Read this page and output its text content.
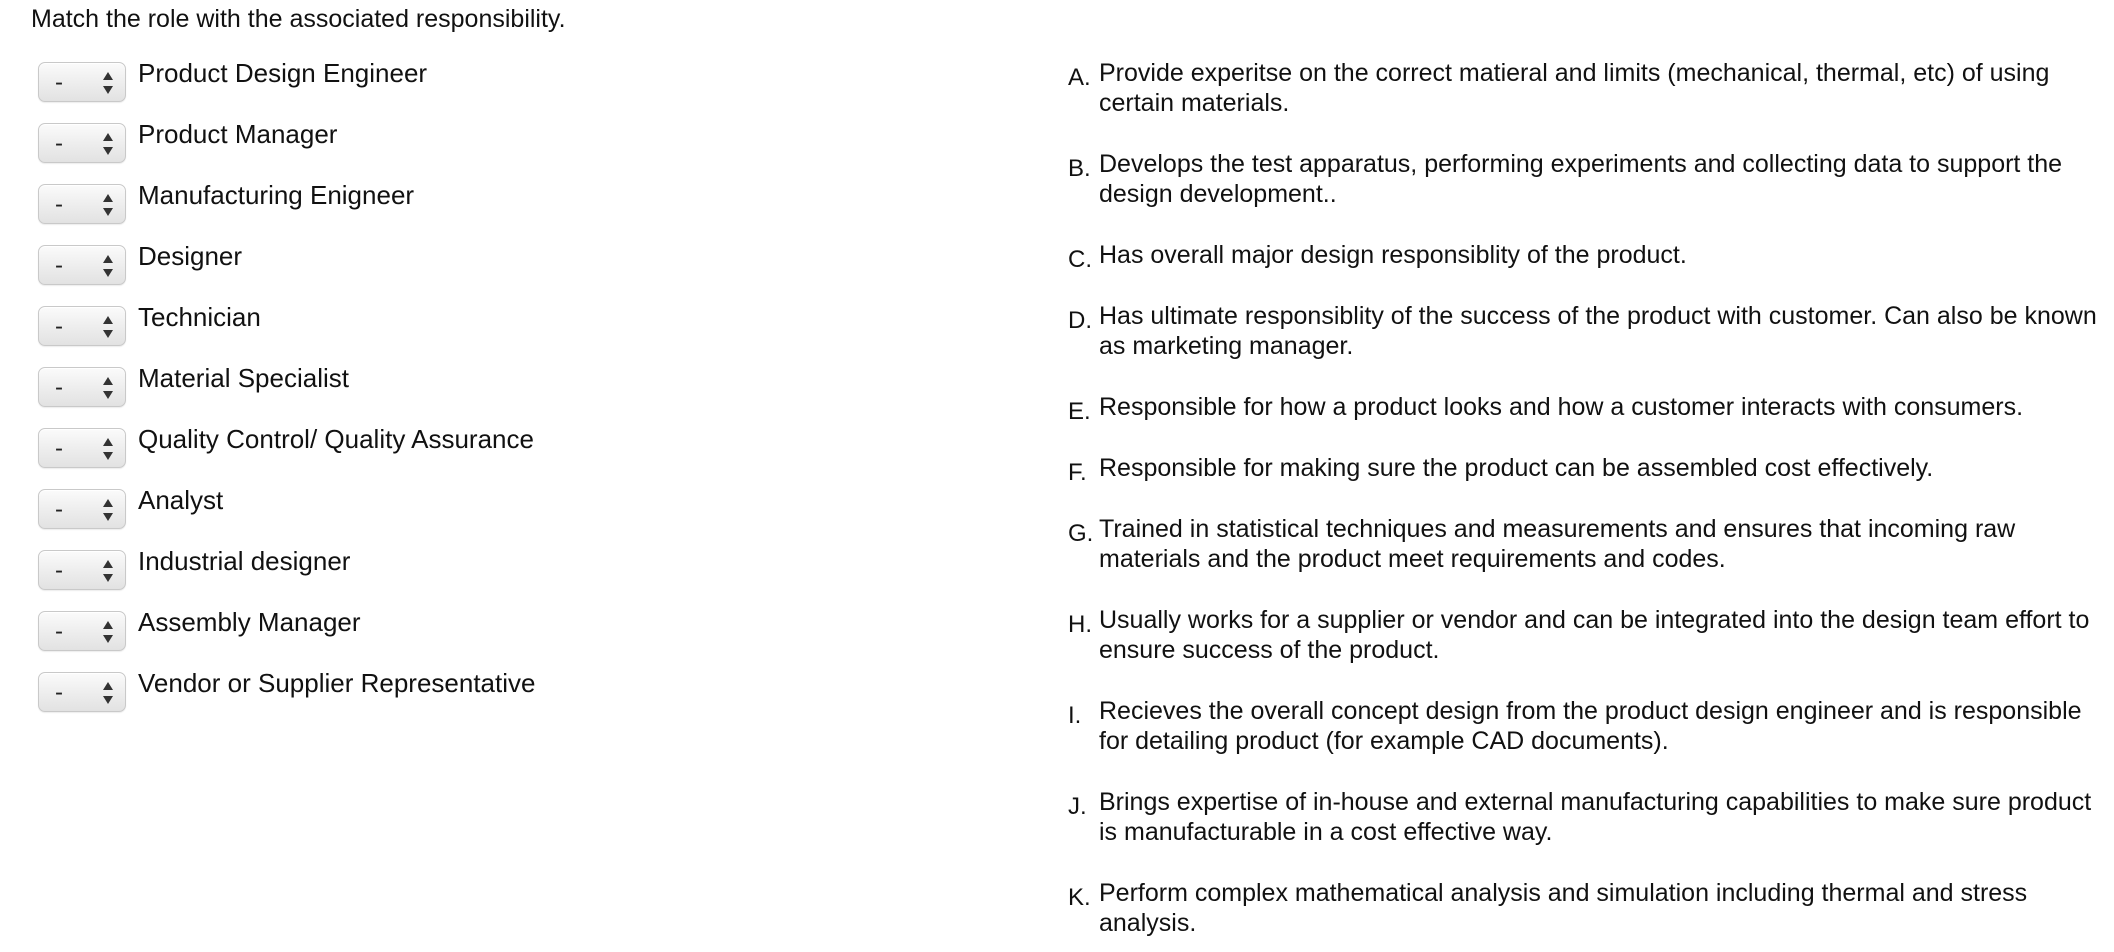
Match the role with the associated responsibility.
-	Product Design Engineer
-	Product Manager
-	Manufacturing Enigneer
-	Designer
-	Technician
-	Material Specialist
-	Quality Control/ Quality Assurance
-	Analyst
-	Industrial designer
-	Assembly Manager
-	Vendor or Supplier Representative
A. Provide experitse on the correct matieral and limits (mechanical, thermal, etc) of using certain materials.
B. Develops the test apparatus, performing experiments and collecting data to support the design development..
C. Has overall major design responsiblity of the product.
D. Has ultimate responsiblity of the success of the product with customer. Can also be known as marketing manager.
E. Responsible for how a product looks and how a customer interacts with consumers.
F. Responsible for making sure the product can be assembled cost effectively.
G. Trained in statistical techniques and measurements and ensures that incoming raw materials and the product meet requirements and codes.
H. Usually works for a supplier or vendor and can be integrated into the design team effort to ensure success of the product.
I. Recieves the overall concept design from the product design engineer and is responsible for detailing product (for example CAD documents).
J. Brings expertise of in-house and external manufacturing capabilities to make sure product is manufacturable in a cost effective way.
K. Perform complex mathematical analysis and simulation including thermal and stress analysis.
